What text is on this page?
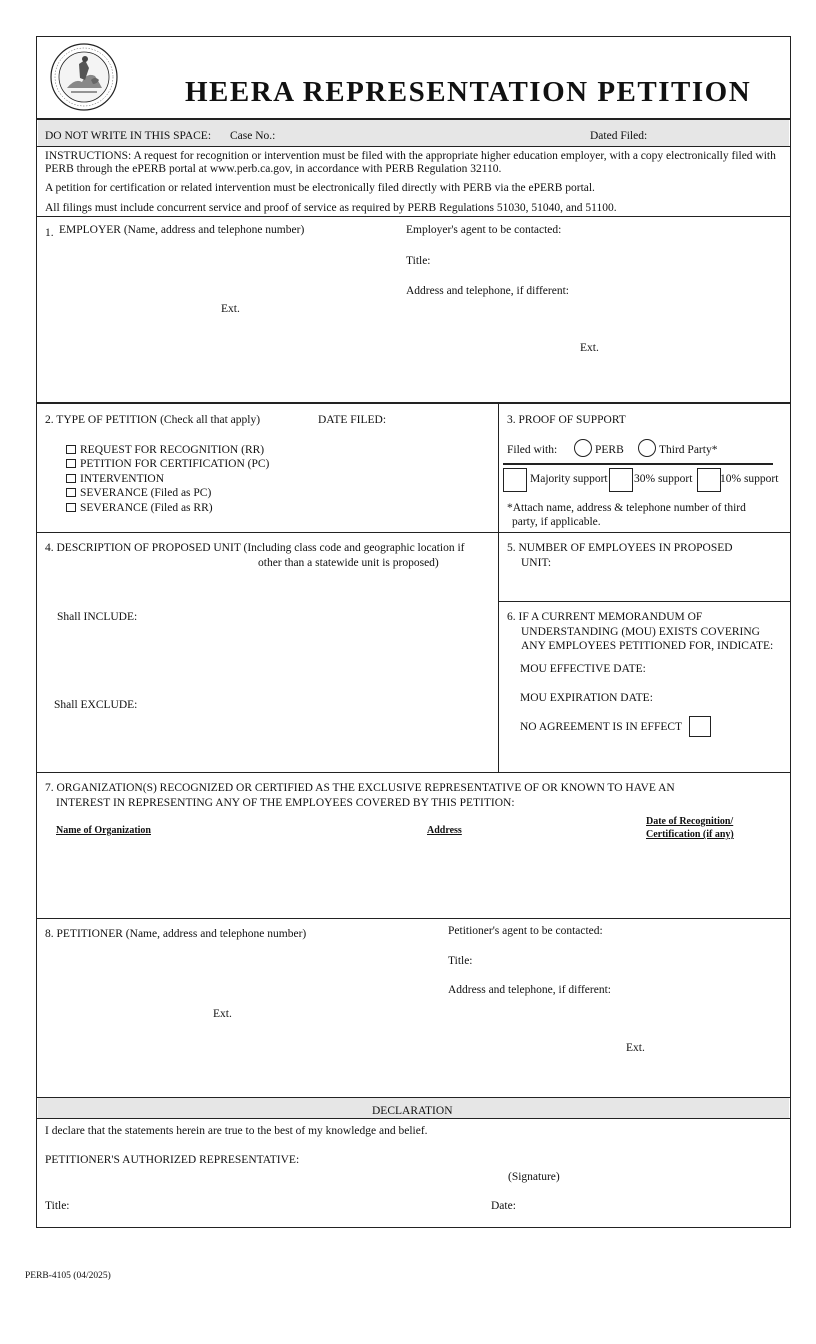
HEERA REPRESENTATION PETITION
DO NOT WRITE IN THIS SPACE: Case No.:	Dated Filed:
INSTRUCTIONS: A request for recognition or intervention must be filed with the appropriate higher education employer, with a copy electronically filed with
PERB through the ePERB portal at www.perb.ca.gov, in accordance with PERB Regulation 32110.
A petition for certification or related intervention must be electronically filed directly with PERB via the ePERB portal.
All filings must include concurrent service and proof of service as required by PERB Regulations 51030, 51040, and 51100.
1. EMPLOYER (Name, address and telephone number)	Employer's agent to be contacted:
Title:
Address and telephone, if different:
Ext.
Ext.
2. TYPE OF PETITION (Check all that apply)	DATE FILED:
REQUEST FOR RECOGNITION (RR)
PETITION FOR CERTIFICATION (PC)
INTERVENTION
SEVERANCE (Filed as PC)
SEVERANCE (Filed as RR)
3. PROOF OF SUPPORT
Filed with:	PERB	Third Party*
Majority support 30% support 10% support
*Attach name, address & telephone number of third
party, if applicable.
4. DESCRIPTION OF PROPOSED UNIT (Including class code and geographic location if
other than a statewide unit is proposed)
Shall INCLUDE:
Shall EXCLUDE:
5. NUMBER OF EMPLOYEES IN PROPOSED
UNIT:
6. IF A CURRENT MEMORANDUM OF
UNDERSTANDING (MOU) EXISTS COVERING
ANY EMPLOYEES PETITIONED FOR, INDICATE:
MOU EFFECTIVE DATE:
MOU EXPIRATION DATE:
NO AGREEMENT IS IN EFFECT
7. ORGANIZATION(S) RECOGNIZED OR CERTIFIED AS THE EXCLUSIVE REPRESENTATIVE OF OR KNOWN TO HAVE AN
INTEREST IN REPRESENTING ANY OF THE EMPLOYEES COVERED BY THIS PETITION:
Name of Organization	Address
Date of Recognition/
Certification (if any)
8. PETITIONER (Name, address and telephone number)	Petitioner's agent to be contacted:
Title:
Address and telephone, if different:
Ext.
Ext.
DECLARATION
I declare that the statements herein are true to the best of my knowledge and belief.
PETITIONER'S AUTHORIZED REPRESENTATIVE:
(Signature)
Title:	Date:
PERB-4105 (04/2025)
